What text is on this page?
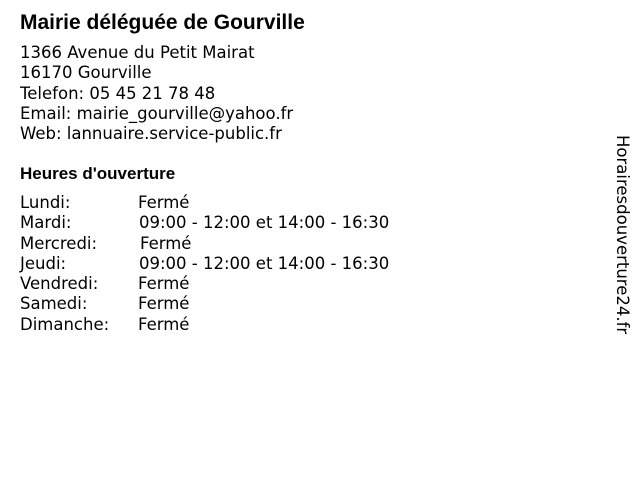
Mairie déléguée de Gourville
1366 Avenue du Petit Mairat
16170 Gourville
Telefon: 05 45 21 78 48
Email: mairie_gourville@yahoo.fr
Web: lannuaire.service-public.fr
Heures d'ouverture
Lundi:	Fermé
Mardi:	09:00 - 12:00 et 14:00 - 16:30
Mercredi:	Fermé
Jeudi:	09:00 - 12:00 et 14:00 - 16:30
Vendredi: Fermé
Samedi:	Fermé
Dimanche: Fermé	Horairesdouverture24.fr
